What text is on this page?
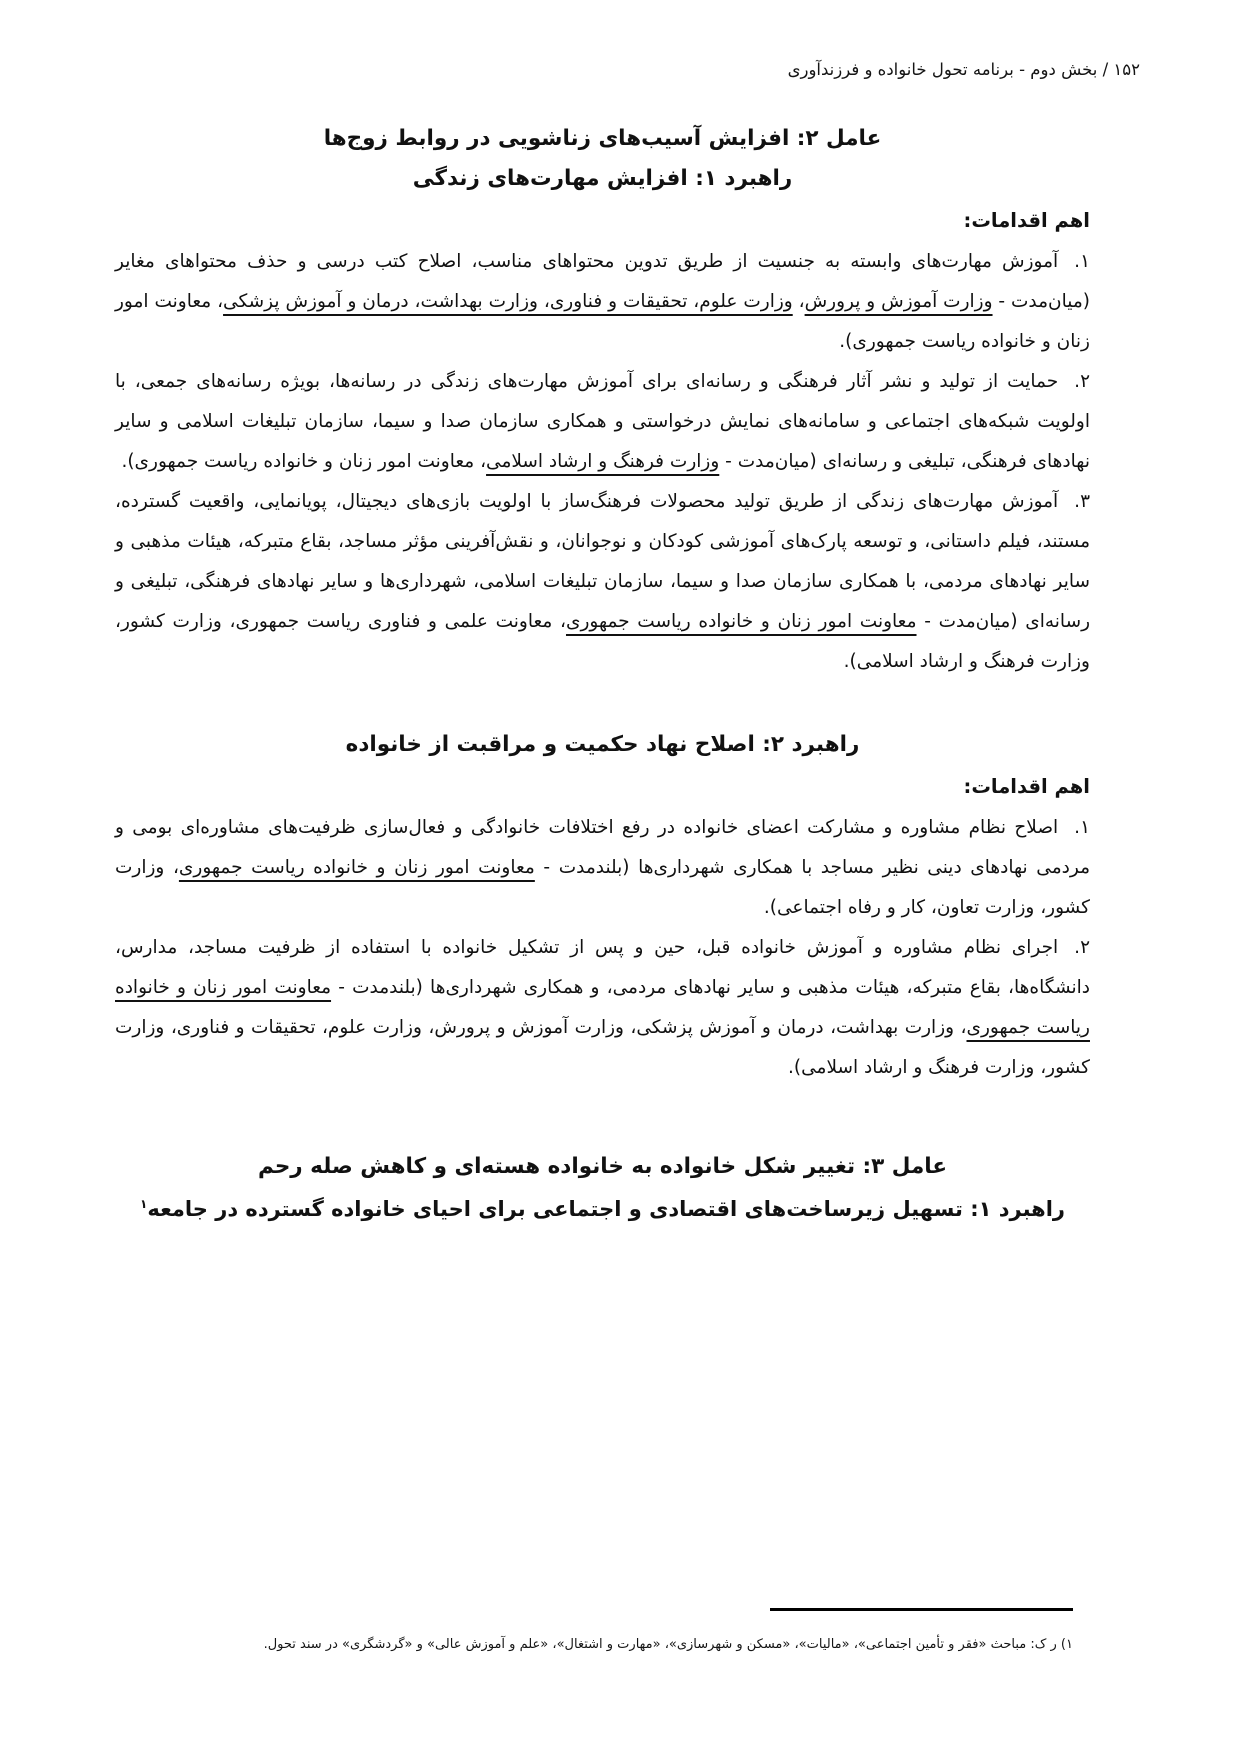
۱۵۲ / بخش دوم - برنامه تحول خانواده و فرزندآوری
عامل ۲: افزایش آسیب‌های زناشویی در روابط زوج‌ها
راهبرد ۱: افزایش مهارت‌های زندگی
اهم اقدامات:
۱.آموزش مهارت‌های وابسته به جنسیت از طریق تدوین محتواهای مناسب، اصلاح کتب درسی و حذف محتواهای مغایر (میان‌مدت - وزارت آموزش و پرورش، وزارت علوم، تحقیقات و فناوری، وزارت بهداشت، درمان و آموزش پزشکی، معاونت امور زنان و خانواده ریاست جمهوری).
۲.حمایت از تولید و نشر آثار فرهنگی و رسانه‌ای برای آموزش مهارت‌های زندگی در رسانه‌ها، بویژه رسانه‌های جمعی، با اولویت شبکه‌های اجتماعی و سامانه‌های نمایش درخواستی و همکاری سازمان صدا و سیما، سازمان تبلیغات اسلامی و سایر نهادهای فرهنگی، تبلیغی و رسانه‌ای (میان‌مدت - وزارت فرهنگ و ارشاد اسلامی، معاونت امور زنان و خانواده ریاست جمهوری).
۳.آموزش مهارت‌های زندگی از طریق تولید محصولات فرهنگ‌ساز با اولویت بازی‌های دیجیتال، پویانمایی، واقعیت گسترده، مستند، فیلم داستانی، و توسعه پارک‌های آموزشی کودکان و نوجوانان، و نقش‌آفرینی مؤثر مساجد، بقاع متبرکه، هیئات مذهبی و سایر نهادهای مردمی، با همکاری سازمان صدا و سیما، سازمان تبلیغات اسلامی، شهرداری‌ها و سایر نهادهای فرهنگی، تبلیغی و رسانه‌ای (میان‌مدت - معاونت امور زنان و خانواده ریاست جمهوری، معاونت علمی و فناوری ریاست جمهوری، وزارت کشور، وزارت فرهنگ و ارشاد اسلامی).
راهبرد ۲: اصلاح نهاد حکمیت و مراقبت از خانواده
اهم اقدامات:
۱.اصلاح نظام مشاوره و مشارکت اعضای خانواده در رفع اختلافات خانوادگی و فعال‌سازی ظرفیت‌های مشاوره‌ای بومی و مردمی نهادهای دینی نظیر مساجد با همکاری شهرداری‌ها (بلندمدت - معاونت امور زنان و خانواده ریاست جمهوری، وزارت کشور، وزارت تعاون، کار و رفاه اجتماعی).
۲.اجرای نظام مشاوره و آموزش خانواده قبل، حین و پس از تشکیل خانواده با استفاده از ظرفیت مساجد، مدارس، دانشگاه‌ها، بقاع متبرکه، هیئات مذهبی و سایر نهادهای مردمی، و همکاری شهرداری‌ها (بلندمدت - معاونت امور زنان و خانواده ریاست جمهوری، وزارت بهداشت، درمان و آموزش پزشکی، وزارت آموزش و پرورش، وزارت علوم، تحقیقات و فناوری، وزارت کشور، وزارت فرهنگ و ارشاد اسلامی).
عامل ۳: تغییر شکل خانواده به خانواده هسته‌ای و کاهش صله رحم
راهبرد ۱: تسهیل زیرساخت‌های اقتصادی و اجتماعی برای احیای خانواده گسترده در جامعه$^۱$
۱) ر ک: مباحث «فقر و تأمین اجتماعی»، «مالیات»، «مسکن و شهرسازی»، «مهارت و اشتغال»، «علم و آموزش عالی» و «گردشگری» در سند تحول.
